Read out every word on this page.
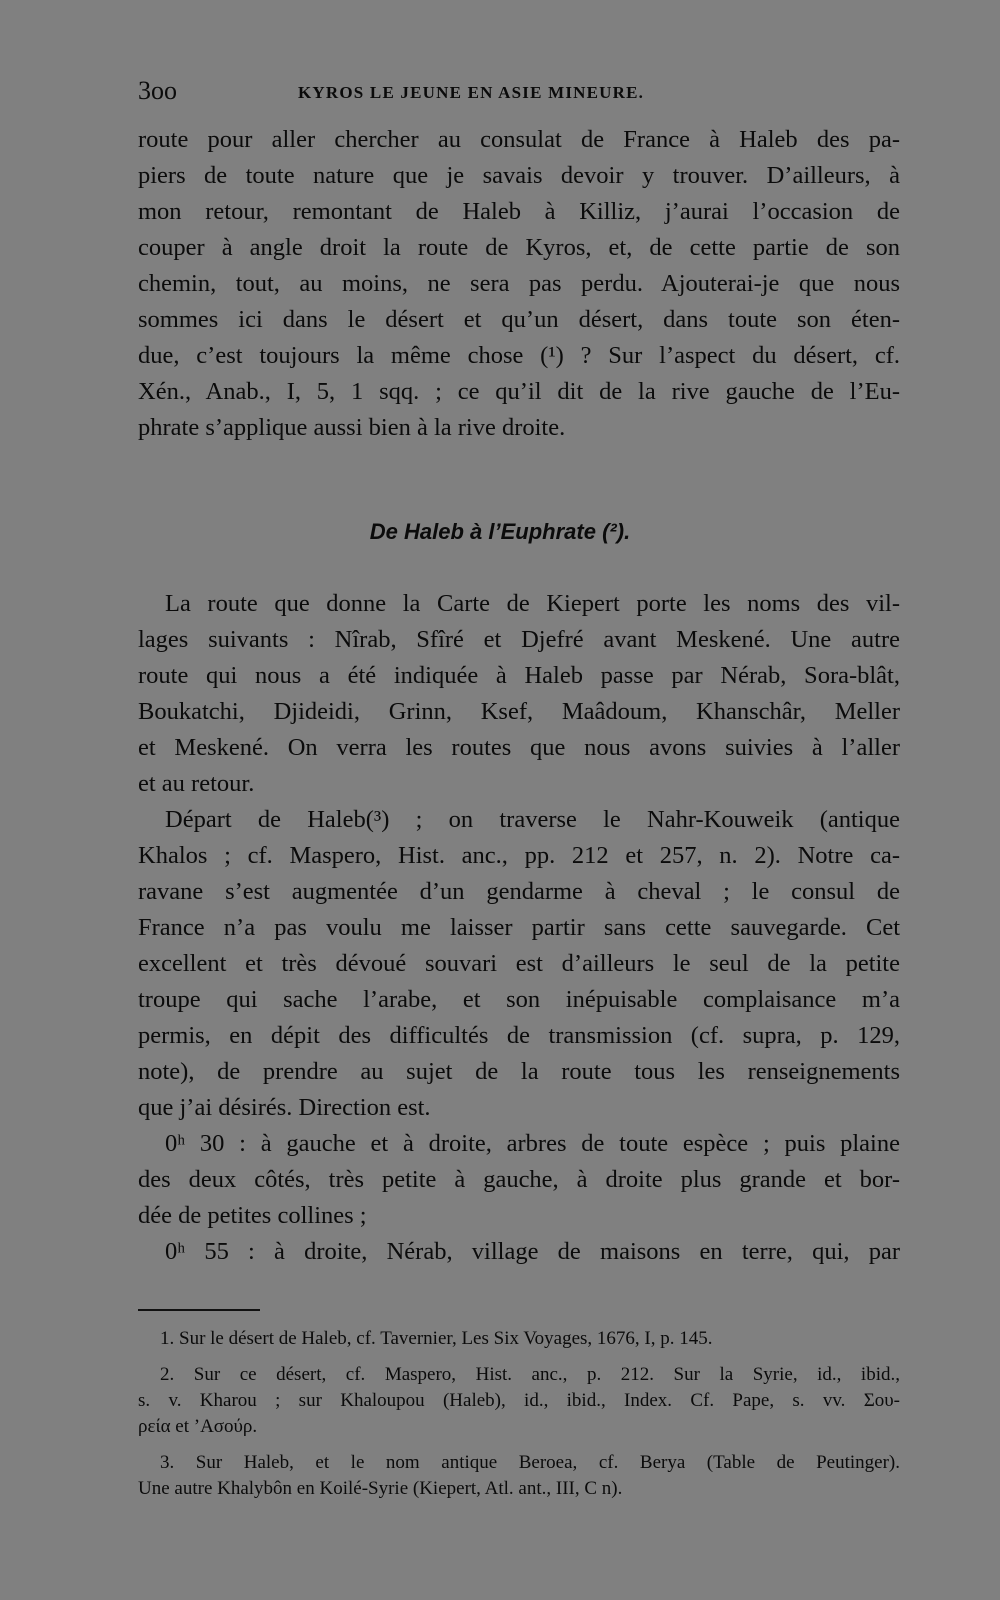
3oo	KYROS LE JEUNE EN ASIE MINEURE.
route pour aller chercher au consulat de France à Haleb des pa-
piers de toute nature que je savais devoir y trouver. D’ailleurs, à
mon retour, remontant de Haleb à Killiz, j’aurai l’occasion de
couper à angle droit la route de Kyros, et, de cette partie de son
chemin, tout, au moins, ne sera pas perdu. Ajouterai-je que nous
sommes ici dans le désert et qu’un désert, dans toute son éten-
due, c’est toujours la même chose (¹) ? Sur l’aspect du désert, cf.
Xén., Anab., I, 5, 1 sqq. ; ce qu’il dit de la rive gauche de l’Eu-
phrate s’applique aussi bien à la rive droite.
De Haleb à l’Euphrate (²).
La route que donne la Carte de Kiepert porte les noms des vil-
lages suivants : Nîrab, Sfîré et Djefré avant Meskené. Une autre
route qui nous a été indiquée à Haleb passe par Nérab, Sora-blât,
Boukatchi, Djideidi, Grinn, Ksef, Maâdoum, Khanschâr, Meller
et Meskené. On verra les routes que nous avons suivies à l’aller
et au retour.
Départ de Haleb(³) ; on traverse le Nahr-Kouweik (antique
Khalos ; cf. Maspero, Hist. anc., pp. 212 et 257, n. 2). Notre ca-
ravane s’est augmentée d’un gendarme à cheval ; le consul de
France n’a pas voulu me laisser partir sans cette sauvegarde. Cet
excellent et très dévoué souvari est d’ailleurs le seul de la petite
troupe qui sache l’arabe, et son inépuisable complaisance m’a
permis, en dépit des difficultés de transmission (cf. supra, p. 129,
note), de prendre au sujet de la route tous les renseignements
que j’ai désirés. Direction est.
0ʰ 30 : à gauche et à droite, arbres de toute espèce ; puis plaine
des deux côtés, très petite à gauche, à droite plus grande et bor-
dée de petites collines ;
0ʰ 55 : à droite, Nérab, village de maisons en terre, qui, par
1. Sur le désert de Haleb, cf. Tavernier, Les Six Voyages, 1676, I, p. 145.
2. Sur ce désert, cf. Maspero, Hist. anc., p. 212. Sur la Syrie, id., ibid.,
s. v. Kharou ; sur Khaloupou (Haleb), id., ibid., Index. Cf. Pape, s. vv. Σου-
ρεία et ’Ασούρ.
3. Sur Haleb, et le nom antique Beroea, cf. Berya (Table de Peutinger).
Une autre Khalybôn en Koilé-Syrie (Kiepert, Atl. ant., III, C n).
